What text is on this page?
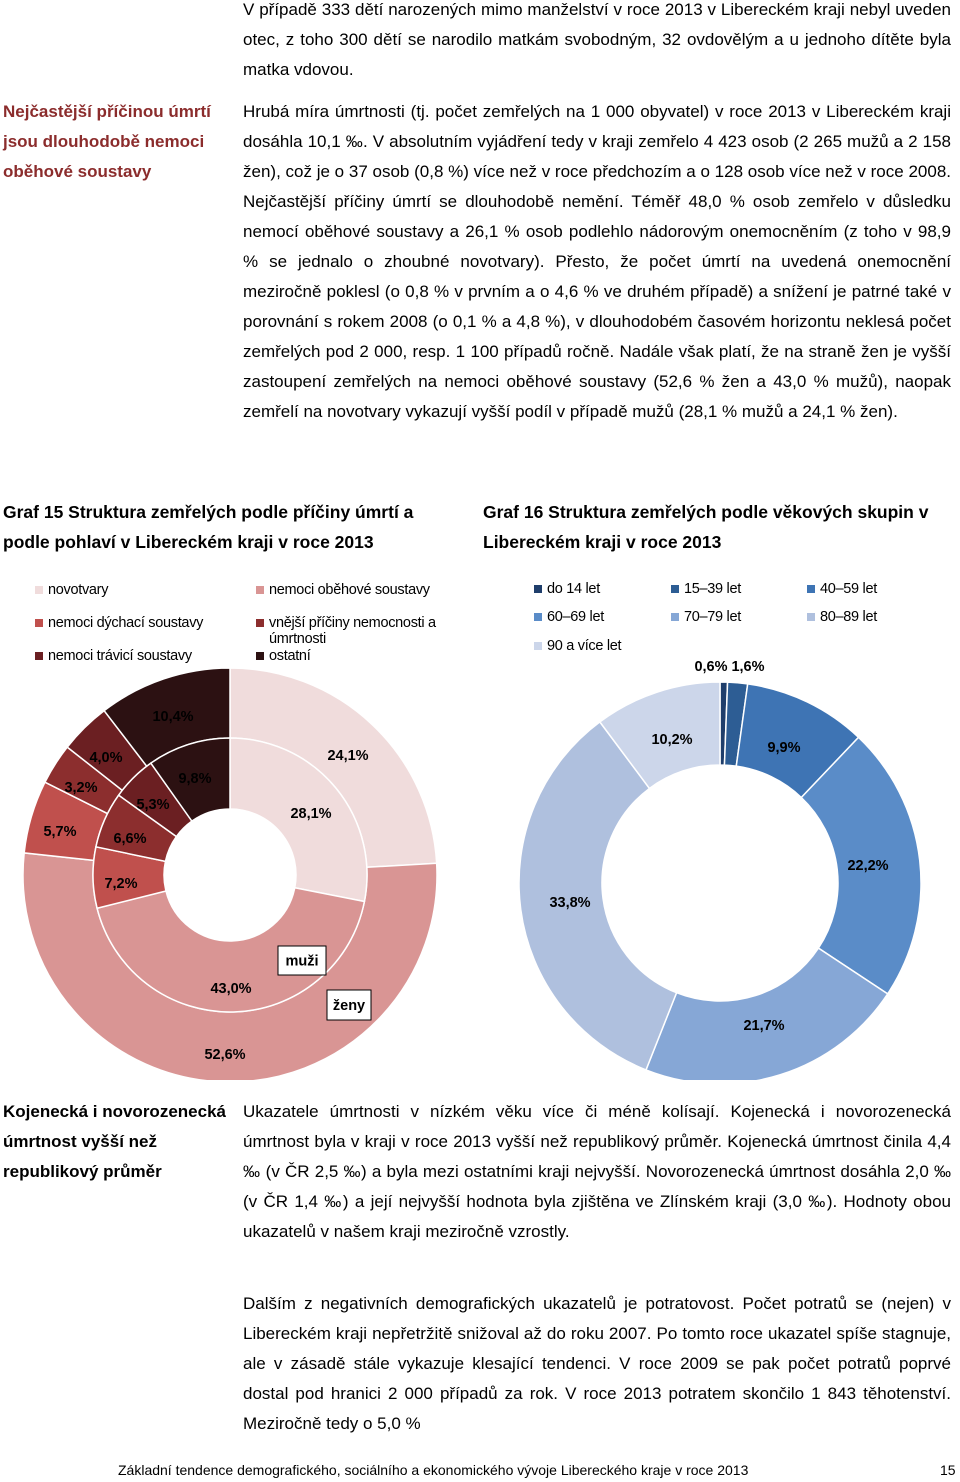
V případě 333 dětí narozených mimo manželství v roce 2013 v Libereckém kraji nebyl uveden otec, z toho 300 dětí se narodilo matkám svobodným, 32 ovdovělým a u jednoho dítěte byla matka vdovou.
Nejčastější příčinou úmrtí jsou dlouhodobě nemoci oběhové soustavy
Hrubá míra úmrtnosti (tj. počet zemřelých na 1 000 obyvatel) v roce 2013 v Libereckém kraji dosáhla 10,1 ‰. V absolutním vyjádření tedy v kraji zemřelo 4 423 osob (2 265 mužů a 2 158 žen), což je o 37 osob (0,8 %) více než v roce předchozím a o 128 osob více než v roce 2008. Nejčastější příčiny úmrtí se dlouhodobě nemění. Téměř 48,0 % osob zemřelo v důsledku nemocí oběhové soustavy a 26,1 % osob podlehlo nádorovým onemocněním (z toho v 98,9 % se jednalo o zhoubné novotvary). Přesto, že počet úmrtí na uvedená onemocnění meziročně poklesl (o 0,8 % v prvním a o 4,6 % ve druhém případě) a snížení je patrné také v porovnání s rokem 2008 (o 0,1 % a 4,8 %), v dlouhodobém časovém horizontu neklesá počet zemřelých pod 2 000, resp. 1 100 případů ročně. Nadále však platí, že na straně žen je vyšší zastoupení zemřelých na nemoci oběhové soustavy (52,6 % žen a 43,0 % mužů), naopak zemřelí na novotvary vykazují vyšší podíl v případě mužů (28,1 % mužů a 24,1 % žen).
Graf 15 Struktura zemřelých podle příčiny úmrtí a podle pohlaví v Libereckém kraji v roce 2013
Graf 16 Struktura zemřelých podle věkových skupin v Libereckém kraji v roce 2013
novotvary	nemoci oběhové soustavy
nemoci dýchací soustavy	vnější příčiny nemocnosti a úmrtnosti
nemoci trávicí soustavy	ostatní
do 14 let	15–39 let	40–59 let
60–69 let	70–79 let	80–89 let
90 a více let
24,1%
52,6%
5,7%
3,2%
4,0%
10,4%
28,1%
43,0%
7,2%
6,6%
5,3%
9,8%
muži
ženy
0,6% 1,6%
9,9%
22,2%
21,7%
33,8%
10,2%
Kojenecká i novorozenecká úmrtnost vyšší než republikový průměr
Ukazatele úmrtnosti v nízkém věku více či méně kolísají. Kojenecká i novorozenecká úmrtnost byla v kraji v roce 2013 vyšší než republikový průměr. Kojenecká úmrtnost činila 4,4 ‰ (v ČR 2,5 ‰) a byla mezi ostatními kraji nejvyšší. Novorozenecká úmrtnost dosáhla 2,0 ‰ (v ČR 1,4 ‰) a její nejvyšší hodnota byla zjištěna ve Zlínském kraji (3,0 ‰). Hodnoty obou ukazatelů v našem kraji meziročně vzrostly.
Dalším z negativních demografických ukazatelů je potratovost. Počet potratů se (nejen) v Libereckém kraji nepřetržitě snižoval až do roku 2007. Po tomto roce ukazatel spíše stagnuje, ale v zásadě stále vykazuje klesající tendenci. V roce 2009 se pak počet potratů poprvé dostal pod hranici 2 000 případů za rok. V roce 2013 potratem skončilo 1 843 těhotenství. Meziročně tedy o 5,0 %
Základní tendence demografického, sociálního a ekonomického vývoje Libereckého kraje v roce 2013	15
